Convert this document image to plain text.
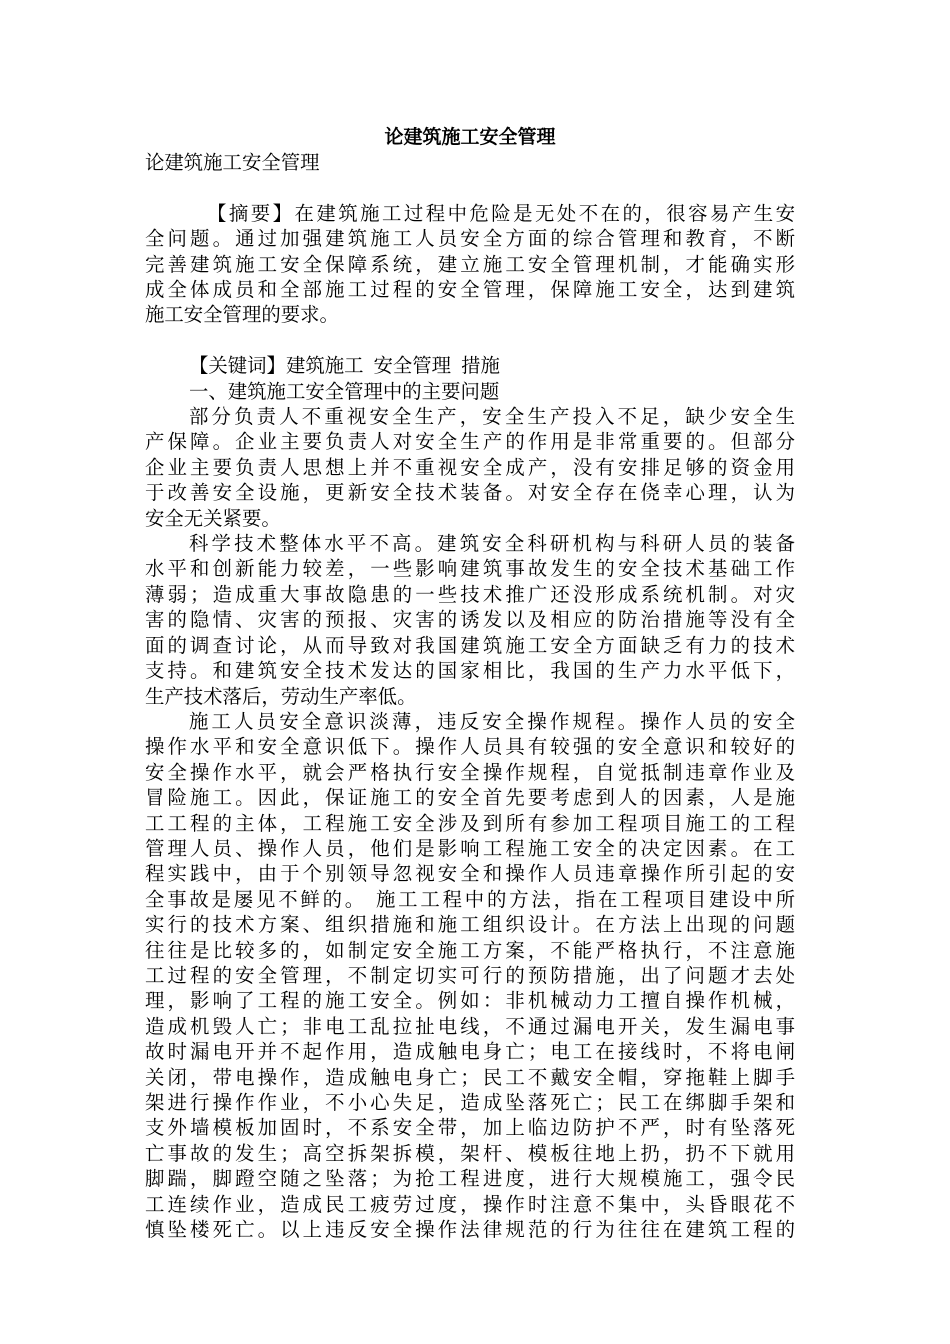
论建筑施工安全管理

论建筑施工安全管理

【摘要】在建筑施工过程中危险是无处不在的，很容易产生安

全问题。通过加强建筑施工人员安全方面的综合管理和教育，不断

完善建筑施工安全保障系统，建立施工安全管理机制，才能确实形

成全体成员和全部施工过程的安全管理，保障施工安全，达到建筑

施工安全管理的要求。

【关键词】建筑施工 安全管理 措施

一、建筑施工安全管理中的主要问题

部分负责人不重视安全生产，安全生产投入不足，缺少安全生

产保障。企业主要负责人对安全生产的作用是非常重要的。但部分

企业主要负责人思想上并不重视安全成产，没有安排足够的资金用

于改善安全设施，更新安全技术装备。对安全存在侥幸心理，认为

安全无关紧要。

科学技术整体水平不高。建筑安全科研机构与科研人员的装备

水平和创新能力较差，一些影响建筑事故发生的安全技术基础工作

薄弱；造成重大事故隐患的一些技术推广还没形成系统机制。对灾

害的隐情、灾害的预报、灾害的诱发以及相应的防治措施等没有全

面的调查讨论，从而导致对我国建筑施工安全方面缺乏有力的技术

支持。和建筑安全技术发达的国家相比，我国的生产力水平低下，

生产技术落后，劳动生产率低。

施工人员安全意识淡薄，违反安全操作规程。操作人员的安全

操作水平和安全意识低下。操作人员具有较强的安全意识和较好的

安全操作水平，就会严格执行安全操作规程，自觉抵制违章作业及

冒险施工。因此，保证施工的安全首先要考虑到人的因素，人是施

工工程的主体，工程施工安全涉及到所有参加工程项目施工的工程

管理人员、操作人员，他们是影响工程施工安全的决定因素。在工

程实践中，由于个别领导忽视安全和操作人员违章操作所引起的安

全事故是屡见不鲜的。 施工工程中的方法，指在工程项目建设中所

实行的技术方案、组织措施和施工组织设计。在方法上出现的问题

往往是比较多的，如制定安全施工方案，不能严格执行，不注意施

工过程的安全管理，不制定切实可行的预防措施，出了问题才去处

理，影响了工程的施工安全。例如：非机械动力工擅自操作机械，

造成机毁人亡；非电工乱拉扯电线，不通过漏电开关，发生漏电事

故时漏电开并不起作用，造成触电身亡；电工在接线时，不将电闸

关闭，带电操作，造成触电身亡；民工不戴安全帽，穿拖鞋上脚手

架进行操作作业，不小心失足，造成坠落死亡；民工在绑脚手架和

支外墙模板加固时，不系安全带，加上临边防护不严，时有坠落死

亡事故的发生；高空拆架拆模，架杆、模板往地上扔，扔不下就用

脚踹，脚蹬空随之坠落；为抢工程进度，进行大规模施工，强令民

工连续作业，造成民工疲劳过度，操作时注意不集中，头昏眼花不

慎坠楼死亡。以上违反安全操作法律规范的行为往往在建筑工程的
